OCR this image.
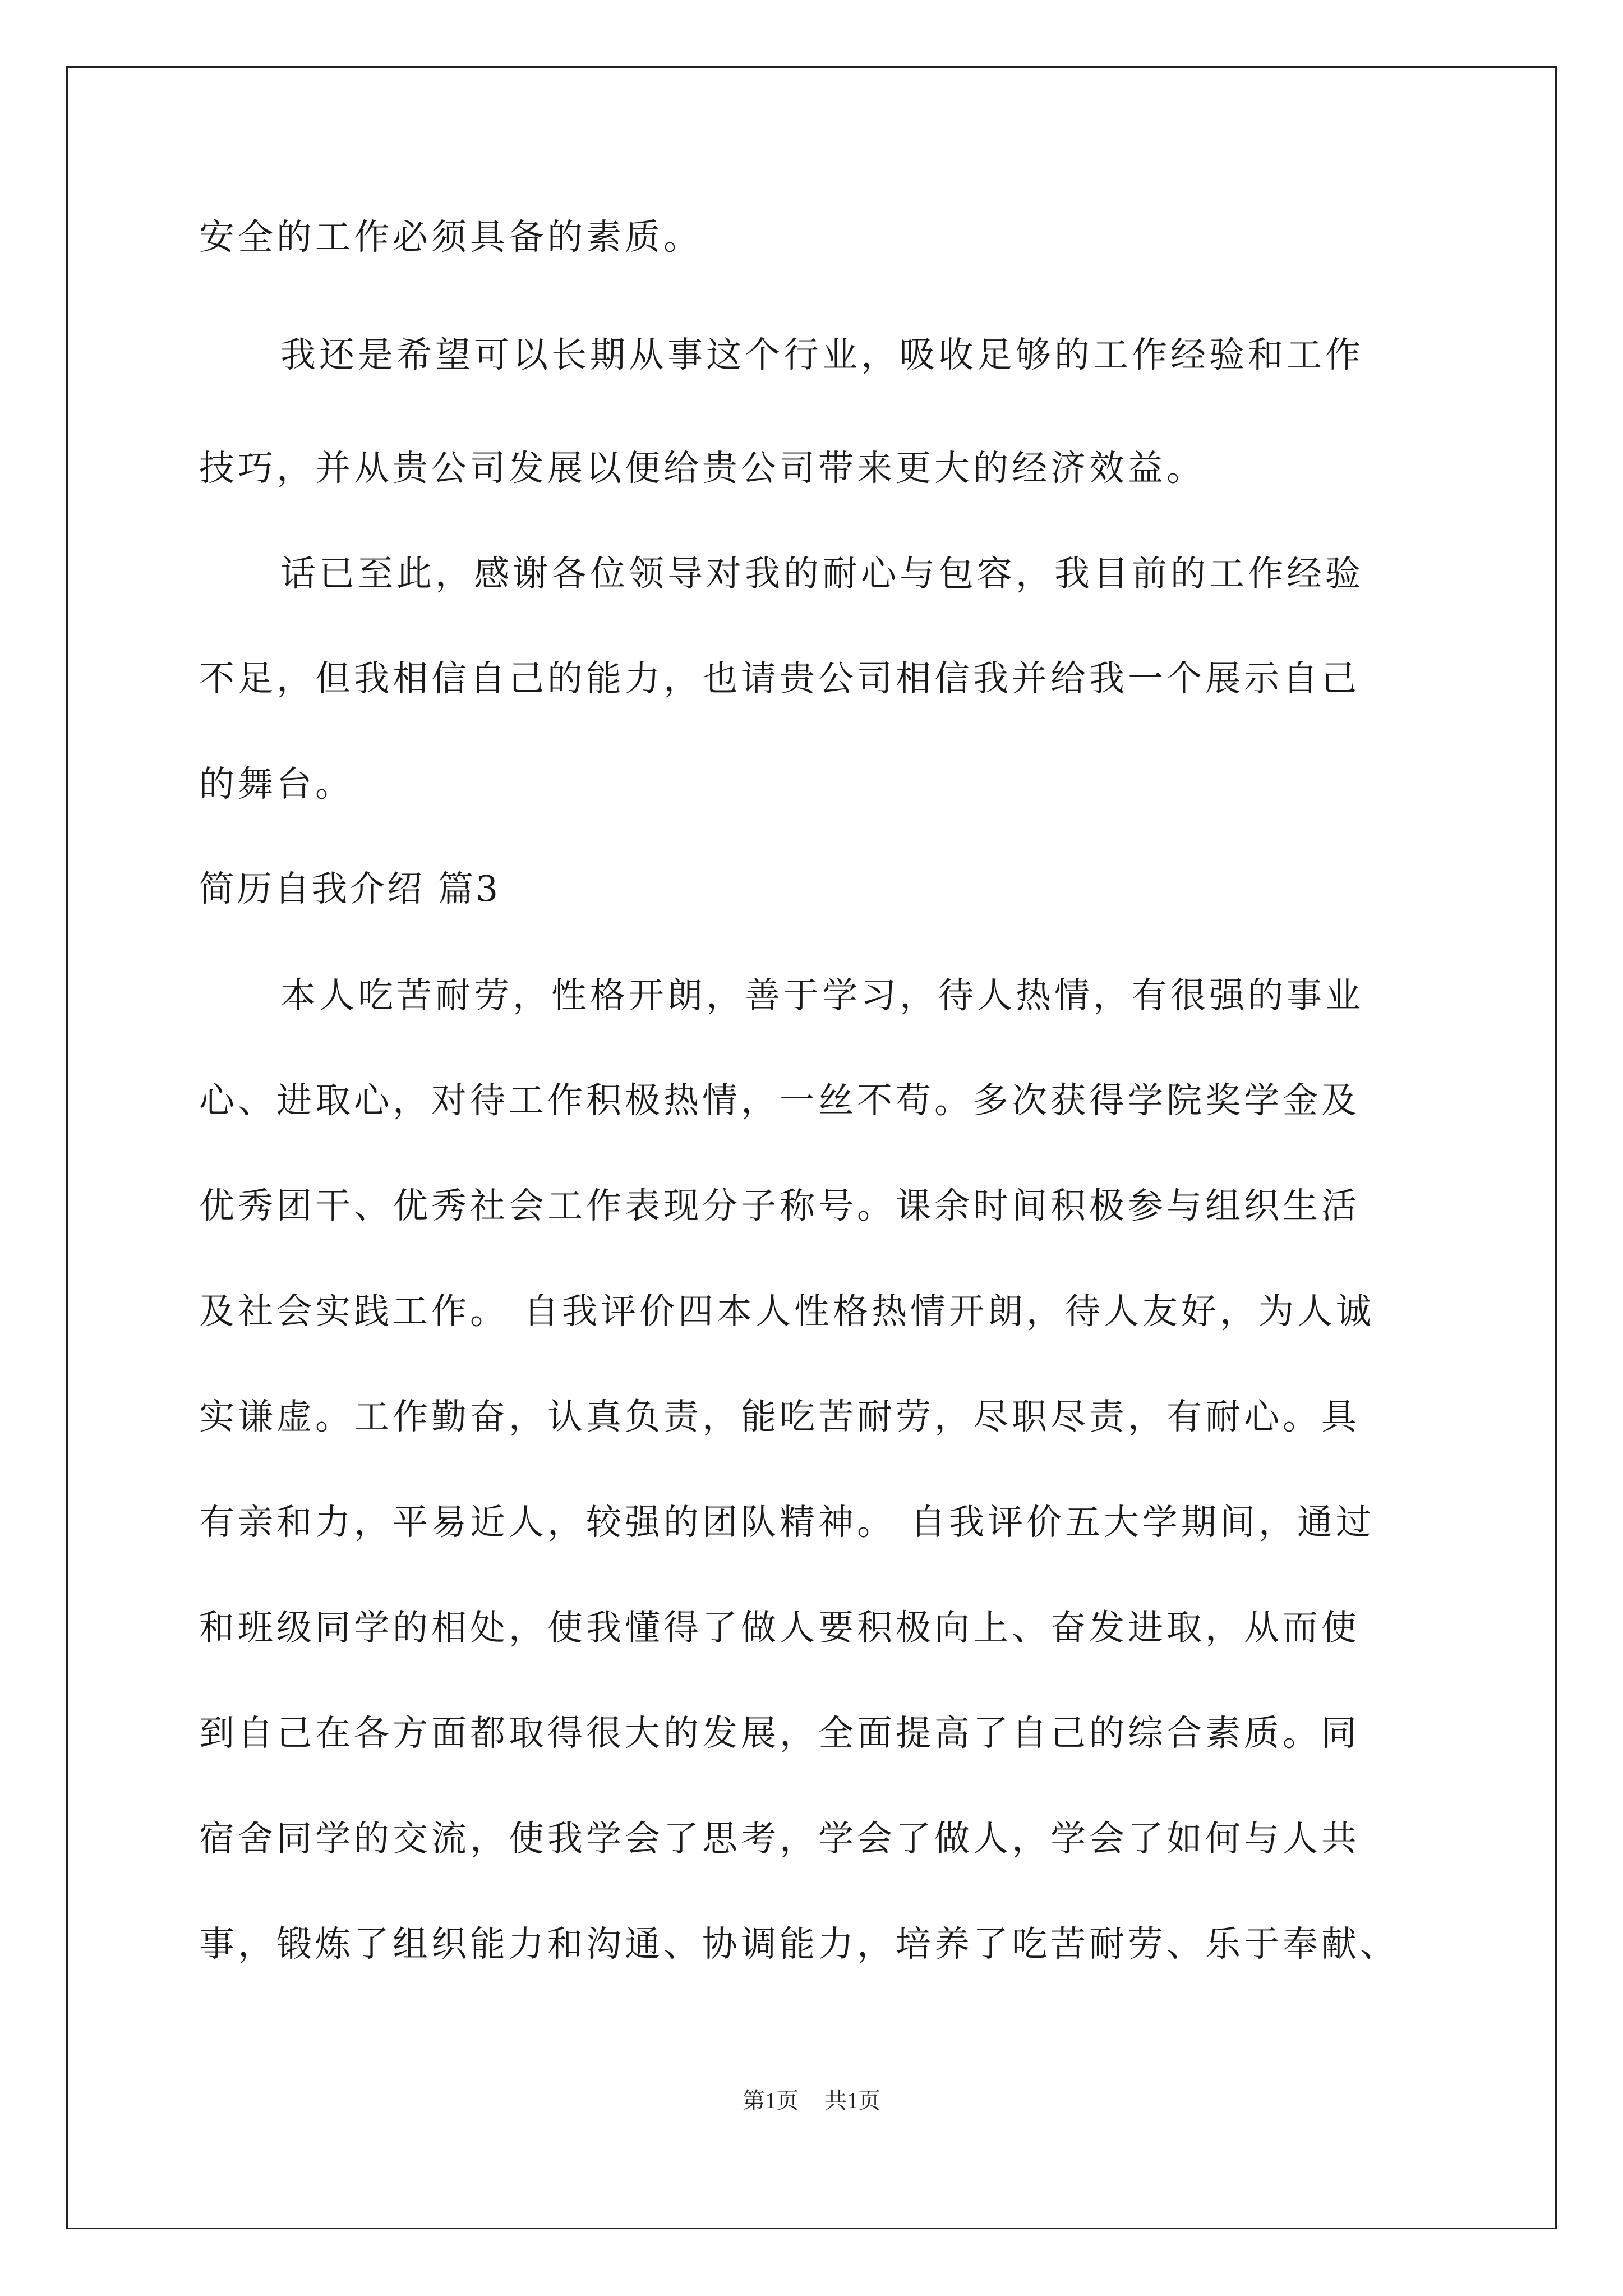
安全的工作必须具备的素质。
我还是希望可以长期从事这个行业，吸收足够的工作经验和工作
技巧，并从贵公司发展以便给贵公司带来更大的经济效益。
话已至此，感谢各位领导对我的耐心与包容，我目前的工作经验
不足，但我相信自己的能力，也请贵公司相信我并给我一个展示自己
的舞台。
简历自我介绍 篇3
本人吃苦耐劳，性格开朗，善于学习，待人热情，有很强的事业
心、进取心，对待工作积极热情，一丝不苟。多次获得学院奖学金及
优秀团干、优秀社会工作表现分子称号。课余时间积极参与组织生活
及社会实践工作。 自我评价四本人性格热情开朗，待人友好，为人诚
实谦虚。工作勤奋，认真负责，能吃苦耐劳，尽职尽责，有耐心。具
有亲和力，平易近人，较强的团队精神。 自我评价五大学期间，通过
和班级同学的相处，使我懂得了做人要积极向上、奋发进取，从而使
到自己在各方面都取得很大的发展，全面提高了自己的综合素质。同
宿舍同学的交流，使我学会了思考，学会了做人，学会了如何与人共
事，锻炼了组织能力和沟通、协调能力，培养了吃苦耐劳、乐于奉献、
第1页 共1页
